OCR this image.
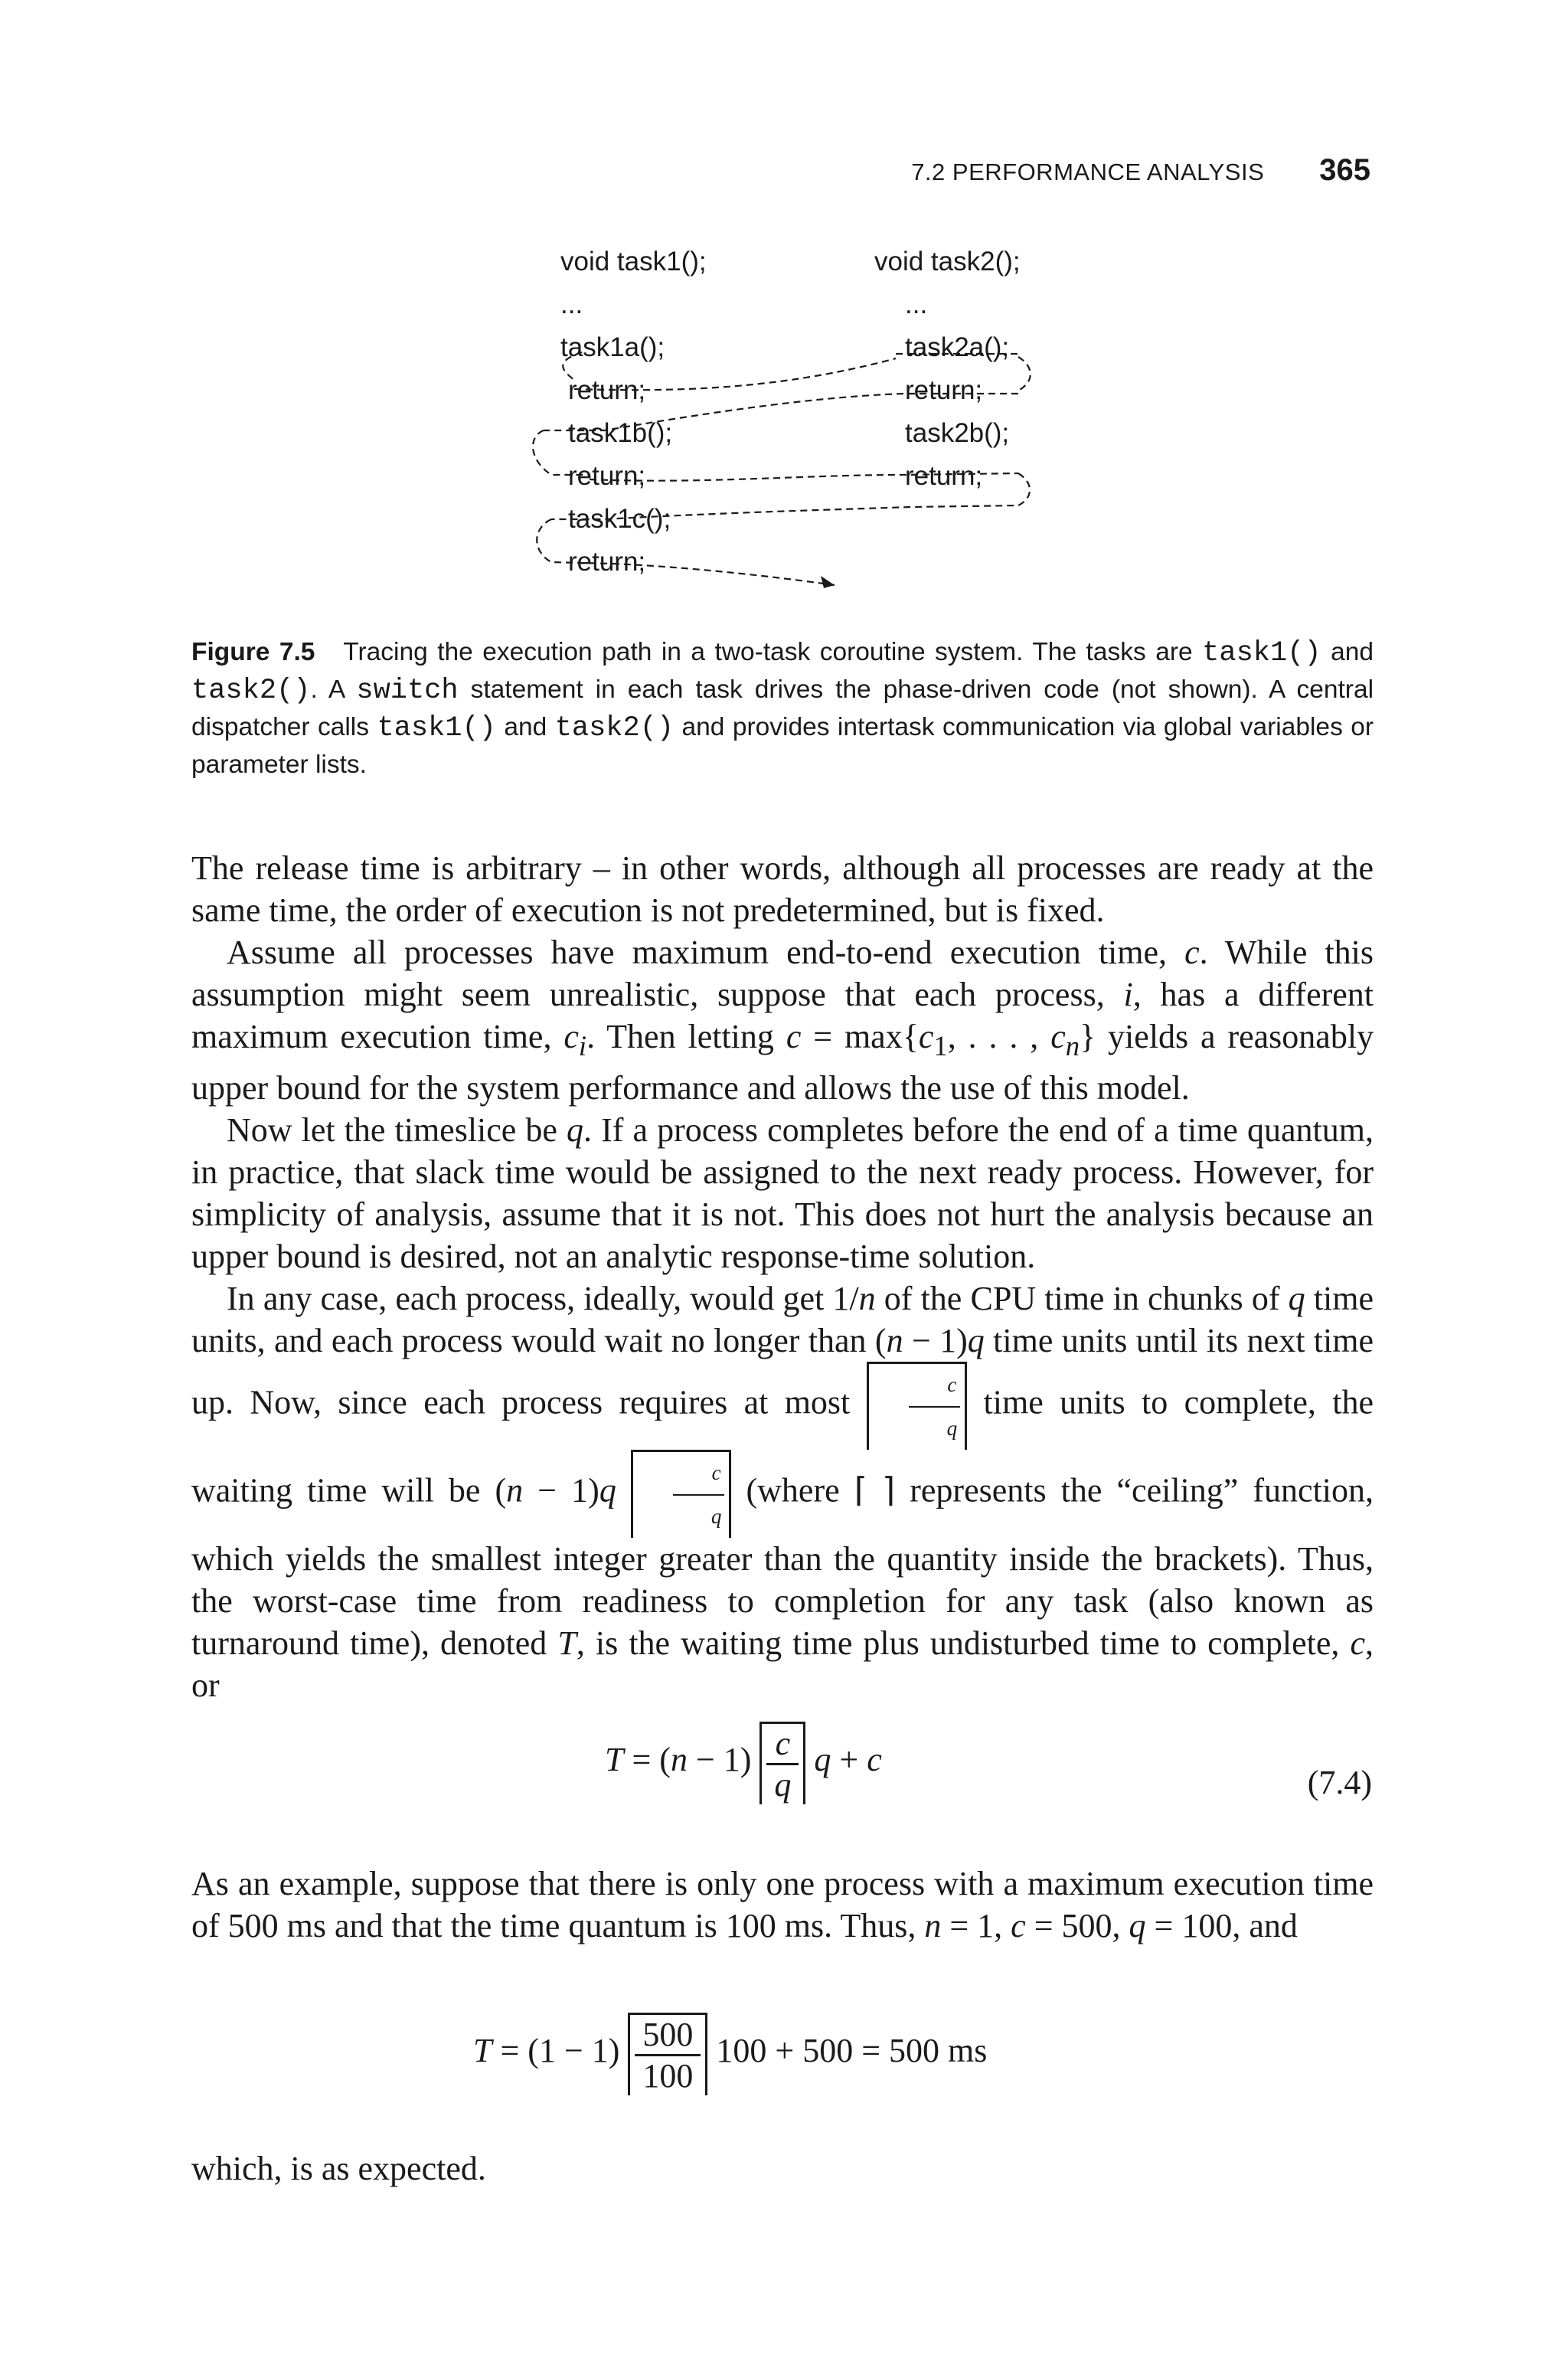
7.2 PERFORMANCE ANALYSIS 365
void task1();
...
task1a();
return;
task1b();
return;
task1c();
return;
void task2();
...
task2a();
return;
task2b();
return;
Figure 7.5 Tracing the execution path in a two-task coroutine system. The tasks are task1() and task2(). A switch statement in each task drives the phase-driven code (not shown). A central dispatcher calls task1() and task2() and provides intertask communication via global variables or parameter lists.

The release time is arbitrary – in other words, although all processes are ready at the same time, the order of execution is not predetermined, but is fixed.

Assume all processes have maximum end-to-end execution time, c. While this assumption might seem unrealistic, suppose that each process, i, has a different maximum execution time, $c_i$. Then letting $c = \max\{c_1$, . . . , $c_n$} yields a reasonably upper bound for the system performance and allows the use of this model.

Now let the timeslice be q. If a process completes before the end of a time quantum, in practice, that slack time would be assigned to the next ready process. However, for simplicity of analysis, assume that it is not. This does not hurt the analysis because an upper bound is desired, not an analytic response-time solution.

In any case, each process, ideally, would get 1/n of the CPU time in chunks of q time units, and each process would wait no longer than (n − 1)q time units until its next time up. Now, since each process requires at most	$\frac{c}{q}$ time units to complete, the waiting time will be (n − 1)q	$\frac{c}{q}$ (where ⌈ ⌉ represents the “ceiling” function, which yields the smallest integer greater than the quantity inside the brackets). Thus, the worst-case time from readiness to completion for any task (also known as turnaround time), denoted T, is the waiting time plus undisturbed time to complete, c, or

$T = (n - 1) \frac{c}{q}$ q + c
(7.4)

As an example, suppose that there is only one process with a maximum execution time of 500 ms and that the time quantum is 100 ms. Thus, n = 1, c = 500, q = 100, and

$T = (1 - 1) \frac{500}{100} 100 + 500 = 500$ ms

which, is as expected.
